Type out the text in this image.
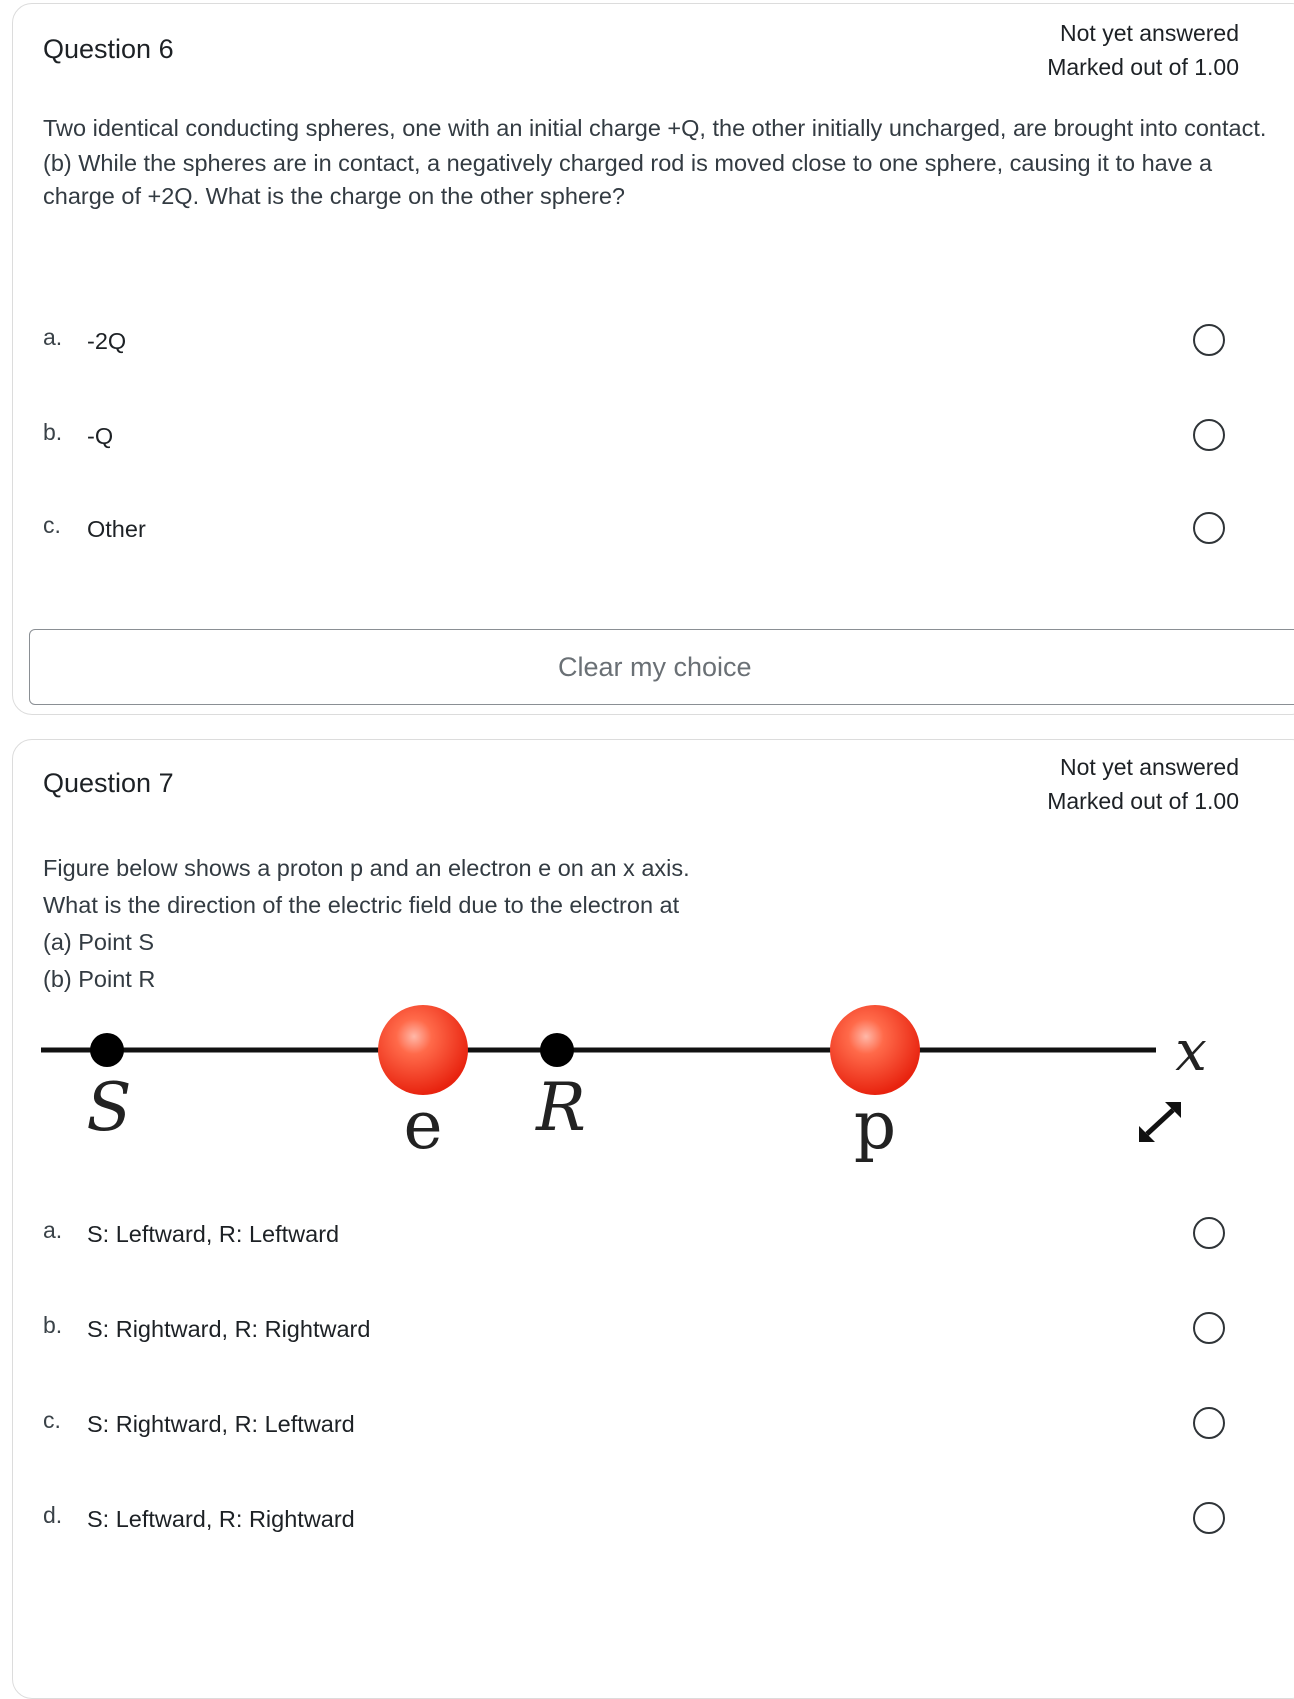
Question 6
Not yet answered
Marked out of 1.00
Two identical conducting spheres, one with an initial charge +Q, the other initially uncharged, are brought into contact.
(b) While the spheres are in contact, a negatively charged rod is moved close to one sphere, causing it to have a charge of +2Q. What is the charge on the other sphere?
a. -2Q
b. -Q
c. Other
Clear my choice
Question 7
Not yet answered
Marked out of 1.00
Figure below shows a proton p and an electron e on an x axis.
What is the direction of the electric field due to the electron at
(a) Point S
(b) Point R
S	e R	p
x
a. S: Leftward, R: Leftward
b. S: Rightward, R: Rightward
c. S: Rightward, R: Leftward
d. S: Leftward, R: Rightward
